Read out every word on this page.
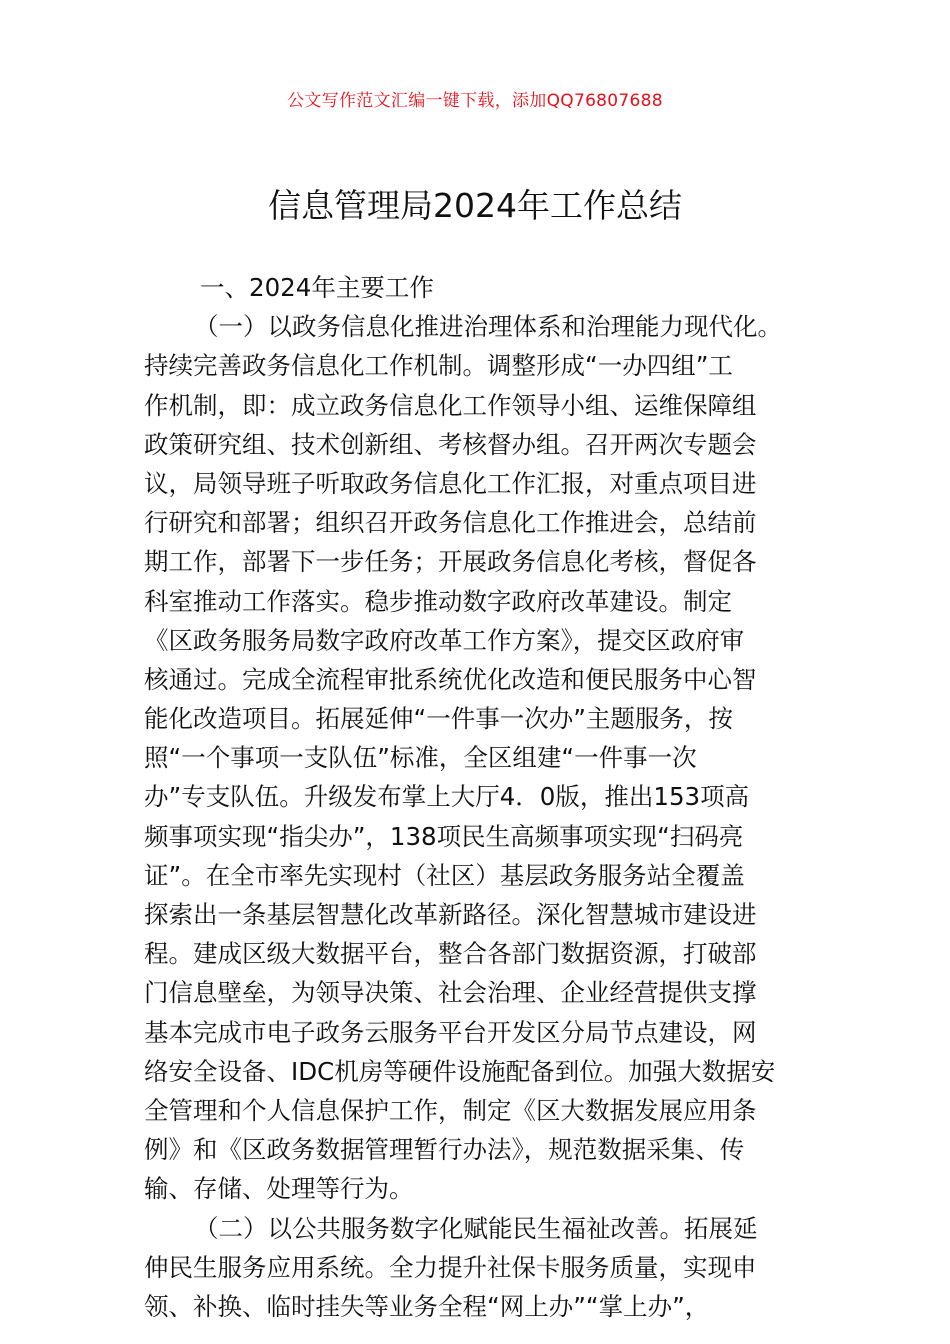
公文写作范文汇编一键下载，添加QQ76807688
信息管理局2024年工作总结
一、2024年主要工作
（一）以政务信息化推进治理体系和治理能力现代化。
持续完善政务信息化工作机制。调整形成“一办四组”工
作机制，即：成立政务信息化工作领导小组、运维保障组
政策研究组、技术创新组、考核督办组。召开两次专题会
议，局领导班子听取政务信息化工作汇报，对重点项目进
行研究和部署；组织召开政务信息化工作推进会，总结前
期工作，部署下一步任务；开展政务信息化考核，督促各
科室推动工作落实。稳步推动数字政府改革建设。制定
《区政务服务局数字政府改革工作方案》，提交区政府审
核通过。完成全流程审批系统优化改造和便民服务中心智
能化改造项目。拓展延伸“一件事一次办”主题服务，按
照“一个事项一支队伍”标准，全区组建“一件事一次
办”专支队伍。升级发布掌上大厅4．0版，推出153项高
频事项实现“指尖办”，138项民生高频事项实现“扫码亮
证”。在全市率先实现村（社区）基层政务服务站全覆盖
探索出一条基层智慧化改革新路径。深化智慧城市建设进
程。建成区级大数据平台，整合各部门数据资源，打破部
门信息壁垒，为领导决策、社会治理、企业经营提供支撑
基本完成市电子政务云服务平台开发区分局节点建设，网
络安全设备、IDC机房等硬件设施配备到位。加强大数据安
全管理和个人信息保护工作，制定《区大数据发展应用条
例》和《区政务数据管理暂行办法》，规范数据采集、传
输、存储、处理等行为。
（二）以公共服务数字化赋能民生福祉改善。拓展延
伸民生服务应用系统。全力提升社保卡服务质量，实现申
领、补换、临时挂失等业务全程“网上办”“掌上办”，
